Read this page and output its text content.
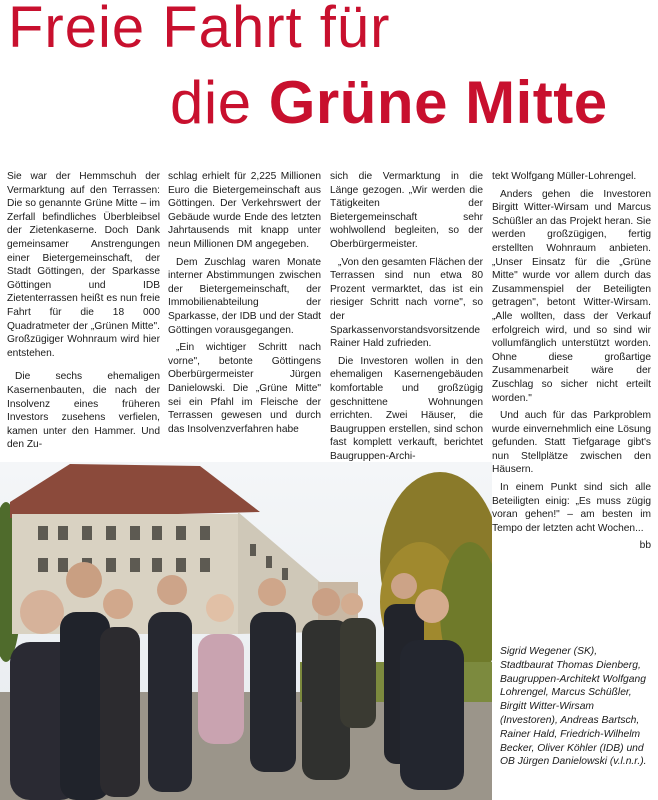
Freie Fahrt für
die Grüne Mitte

Sie war der Hemmschuh der Vermarktung auf den Terrassen: Die so genannte Grüne Mitte – im Zerfall befindliches Überbleibsel der Zietenkaserne. Doch Dank gemeinsamer Anstrengungen einer Bietergemeinschaft, der Stadt Göttingen, der Sparkasse Göttingen und IDB Zietenterrassen heißt es nun freie Fahrt für die 18 000 Quadratmeter der „Grünen Mitte". Großzügiger Wohnraum wird hier entstehen.

Die sechs ehemaligen Kasernenbauten, die nach der Insolvenz eines früheren Investors zusehens verfielen, kamen unter den Hammer. Und den Zu-

schlag erhielt für 2,225 Millionen Euro die Bietergemeinschaft aus Göttingen. Der Verkehrswert der Gebäude wurde Ende des letzten Jahrtausends mit knapp unter neun Millionen DM angegeben.

Dem Zuschlag waren Monate interner Abstimmungen zwischen der Bietergemeinschaft, der Immobilienabteilung der Sparkasse, der IDB und der Stadt Göttingen vorausgegangen.

„Ein wichtiger Schritt nach vorne", betonte Göttingens Oberbürgermeister Jürgen Danielowski. Die „Grüne Mitte" sei ein Pfahl im Fleische der Terrassen gewesen und durch das Insolvenzverfahren habe

sich die Vermarktung in die Länge gezogen. „Wir werden die Tätigkeiten der Bietergemeinschaft sehr wohlwollend begleiten, so der Oberbürgermeister.

„Von den gesamten Flächen der Terrassen sind nun etwa 80 Prozent vermarktet, das ist ein riesiger Schritt nach vorne", so der Sparkassenvorstandsvorsitzende Rainer Hald zufrieden.

Die Investoren wollen in den ehemaligen Kasernengebäuden komfortable und großzügig geschnittene Wohnungen errichten. Zwei Häuser, die Baugruppen erstellen, sind schon fast komplett verkauft, berichtet Baugruppen-Archi-

tekt Wolfgang Müller-Lohrengel.

Anders gehen die Investoren Birgitt Witter-Wirsam und Marcus Schüßler an das Projekt heran. Sie werden großzügigen, fertig erstellten Wohnraum anbieten. „Unser Einsatz für die „Grüne Mitte" wurde vor allem durch das Zusammenspiel der Beteiligten getragen", betont Witter-Wirsam. „Alle wollten, dass der Verkauf erfolgreich wird, und so sind wir vollumfänglich unterstützt worden. Ohne diese großartige Zusammenarbeit wäre der Zuschlag so sicher nicht erteilt worden."

Und auch für das Parkproblem wurde einvernehmlich eine Lösung gefunden. Statt Tiefgarage gibt's nun Stellplätze zwischen den Häusern.

In einem Punkt sind sich alle Beteiligten einig: „Es muss zügig voran gehen!" – am besten im Tempo der letzten acht Wochen...

bb
Sigrid Wegener (SK), Stadtbaurat Thomas Dienberg, Baugruppen-Architekt Wolfgang Lohrengel, Marcus Schüßler, Birgitt Witter-Wirsam (Investoren), Andreas Bartsch, Rainer Hald, Friedrich-Wilhelm Becker, Oliver Köhler (IDB) und OB Jürgen Danielowski (v.l.n.r.).
